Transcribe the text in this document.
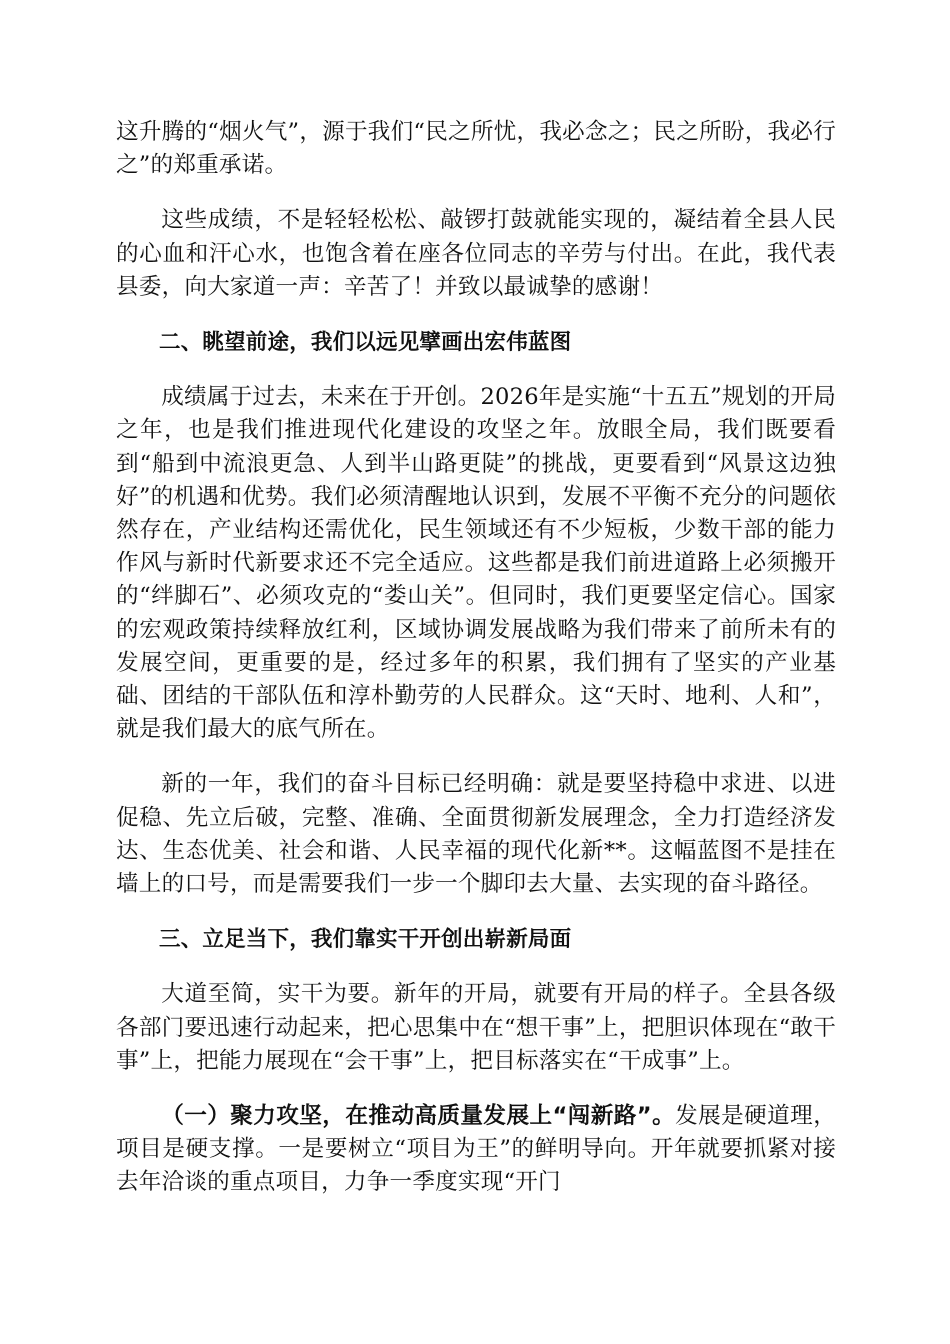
这升腾的“烟火气”，源于我们“民之所忧，我必念之；民之所盼，我必行之”的郑重承诺。

这些成绩，不是轻轻松松、敲锣打鼓就能实现的，凝结着全县人民的心血和汗⼼水，也饱含着在座各位同志的辛劳与付出。在此，我代表县委，向大家道一声：辛苦了！并致以最诚挚的感谢！

二、眺望前途，我们以远见擘画出宏伟蓝图

成绩属于过去，未来在于开创。2026年是实施“十五五”规划的开局之年，也是我们推进现代化建设的攻坚之年。放眼全局，我们既要看到“船到中流浪更急、人到半山路更陡”的挑战，更要看到“风景这边独好”的机遇和优势。我们必须清醒地认识到，发展不平衡不充分的问题依然存在，产业结构还需优化，民生领域还有不少短板，少数干部的能力作风与新时代新要求还不完全适应。这些都是我们前进道路上必须搬开的“绊脚石”、必须攻克的“娄山关”。但同时，我们更要坚定信心。国家的宏观政策持续释放红利，区域协调发展战略为我们带来了前所未有的发展空间，更重要的是，经过多年的积累，我们拥有了坚实的产业基础、团结的干部队伍和淳朴勤劳的人民群众。这“天时、地利、人和”，就是我们最大的底气所在。

新的一年，我们的奋斗目标已经明确：就是要坚持稳中求进、以进促稳、先立后破，完整、准确、全面贯彻新发展理念，全力打造经济发达、生态优美、社会和谐、人民幸福的现代化新**。这幅蓝图不是挂在墙上的口号，而是需要我们一步一个脚印去大量、去实现的奋斗路径。

三、立足当下，我们靠实干开创出崭新局面

大道至简，实干为要。新年的开局，就要有开局的样子。全县各级各部门要迅速行动起来，把心思集中在“想干事”上，把胆识体现在“敢干事”上，把能力展现在“会干事”上，把目标落实在“干成事”上。

（一）聚力攻坚，在推动高质量发展上“闯新路”。发展是硬道理，项目是硬支撑。一是要树立“项目为王”的鲜明导向。开年就要抓紧对接去年洽谈的重点项目，力争一季度实现“开门
